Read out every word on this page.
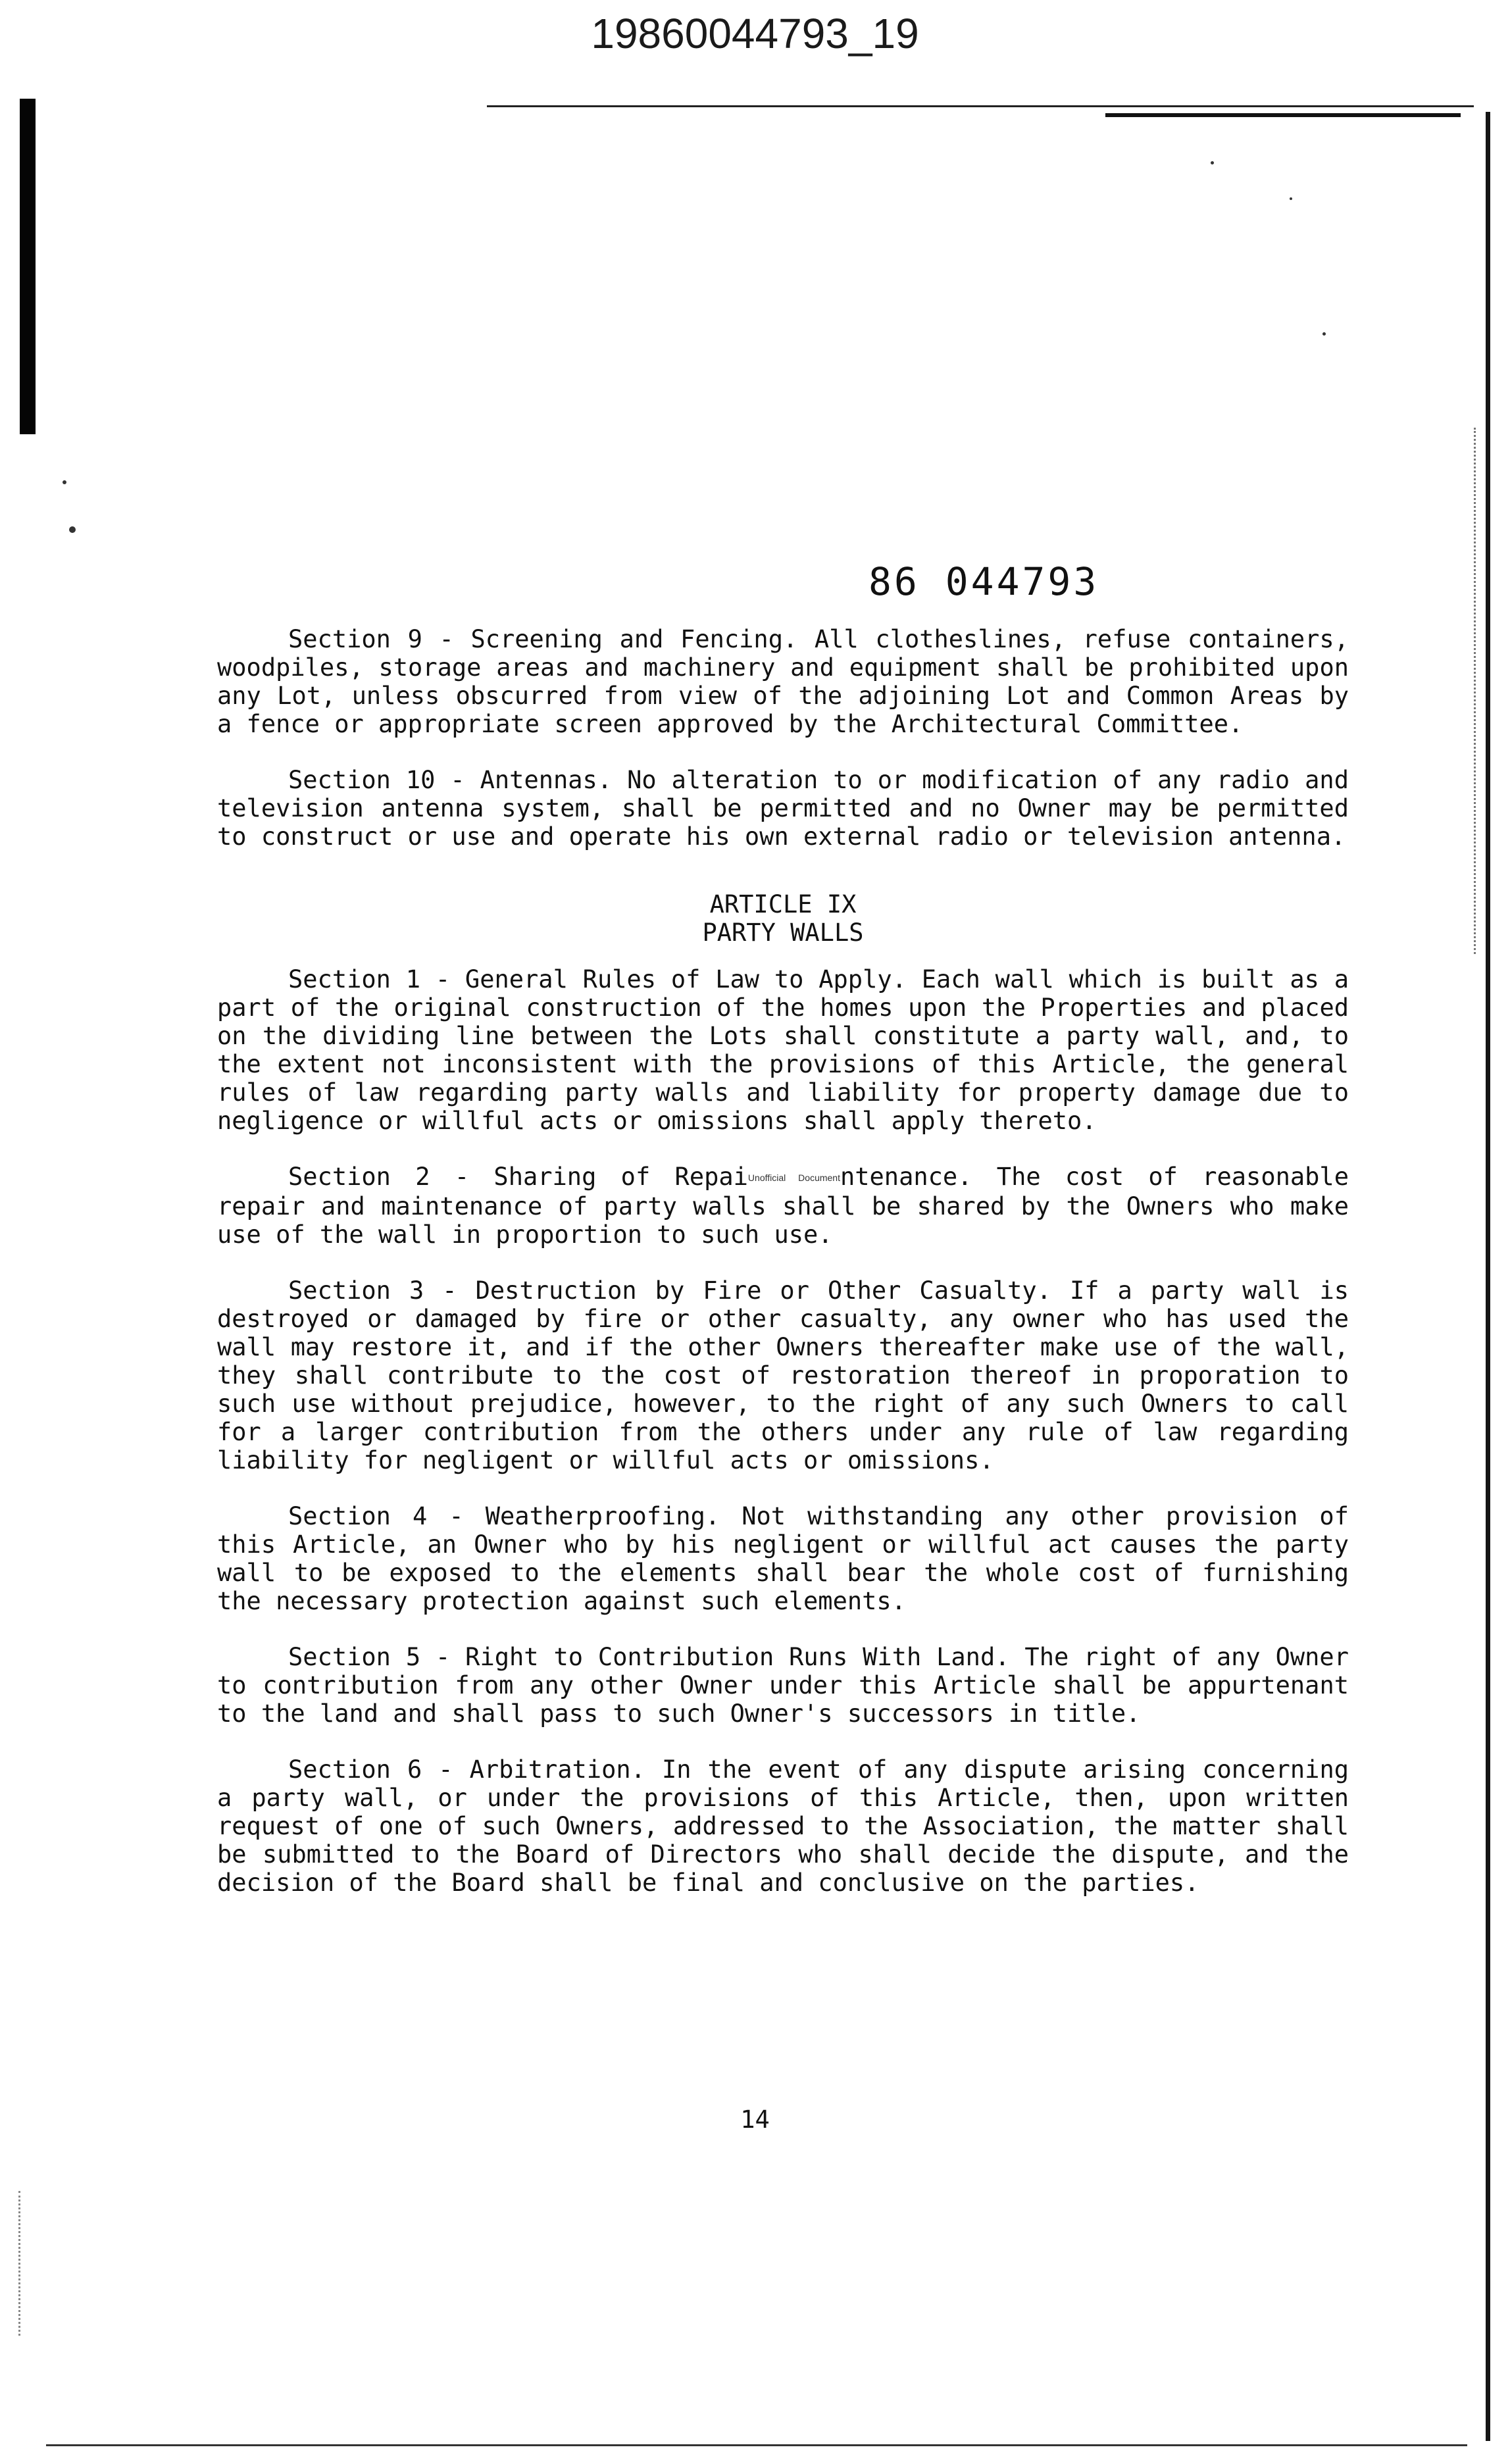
19860044793_19
86 044793

Section 9 - Screening and Fencing. All clotheslines, refuse containers, woodpiles, storage areas and machinery and equipment shall be prohibited upon any Lot, unless obscurred from view of the adjoining Lot and Common Areas by a fence or appropriate screen approved by the Architectural Committee.

Section 10 - Antennas. No alteration to or modification of any radio and television antenna system, shall be permitted and no Owner may be permitted to construct or use and operate his own external radio or television antenna.

ARTICLE IX
PARTY WALLS

Section 1 - General Rules of Law to Apply. Each wall which is built as a part of the original construction of the homes upon the Properties and placed on the dividing line between the Lots shall constitute a party wall, and, to the extent not inconsistent with the provisions of this Article, the general rules of law regarding party walls and liability for property damage due to negligence or willful acts or omissions shall apply thereto.

Section 2 - Sharing of RepaiUnofficial Documentntenance. The cost of reasonable repair and maintenance of party walls shall be shared by the Owners who make use of the wall in proportion to such use.

Section 3 - Destruction by Fire or Other Casualty. If a party wall is destroyed or damaged by fire or other casualty, any owner who has used the wall may restore it, and if the other Owners thereafter make use of the wall, they shall contribute to the cost of restoration thereof in proporation to such use without prejudice, however, to the right of any such Owners to call for a larger contribution from the others under any rule of law regarding liability for negligent or willful acts or omissions.

Section 4 - Weatherproofing. Not withstanding any other provision of this Article, an Owner who by his negligent or willful act causes the party wall to be exposed to the elements shall bear the whole cost of furnishing the necessary protection against such elements.

Section 5 - Right to Contribution Runs With Land. The right of any Owner to contribution from any other Owner under this Article shall be appurtenant to the land and shall pass to such Owner's successors in title.

Section 6 - Arbitration. In the event of any dispute arising concerning a party wall, or under the provisions of this Article, then, upon written request of one of such Owners, addressed to the Association, the matter shall be submitted to the Board of Directors who shall decide the dispute, and the decision of the Board shall be final and conclusive on the parties.

14
